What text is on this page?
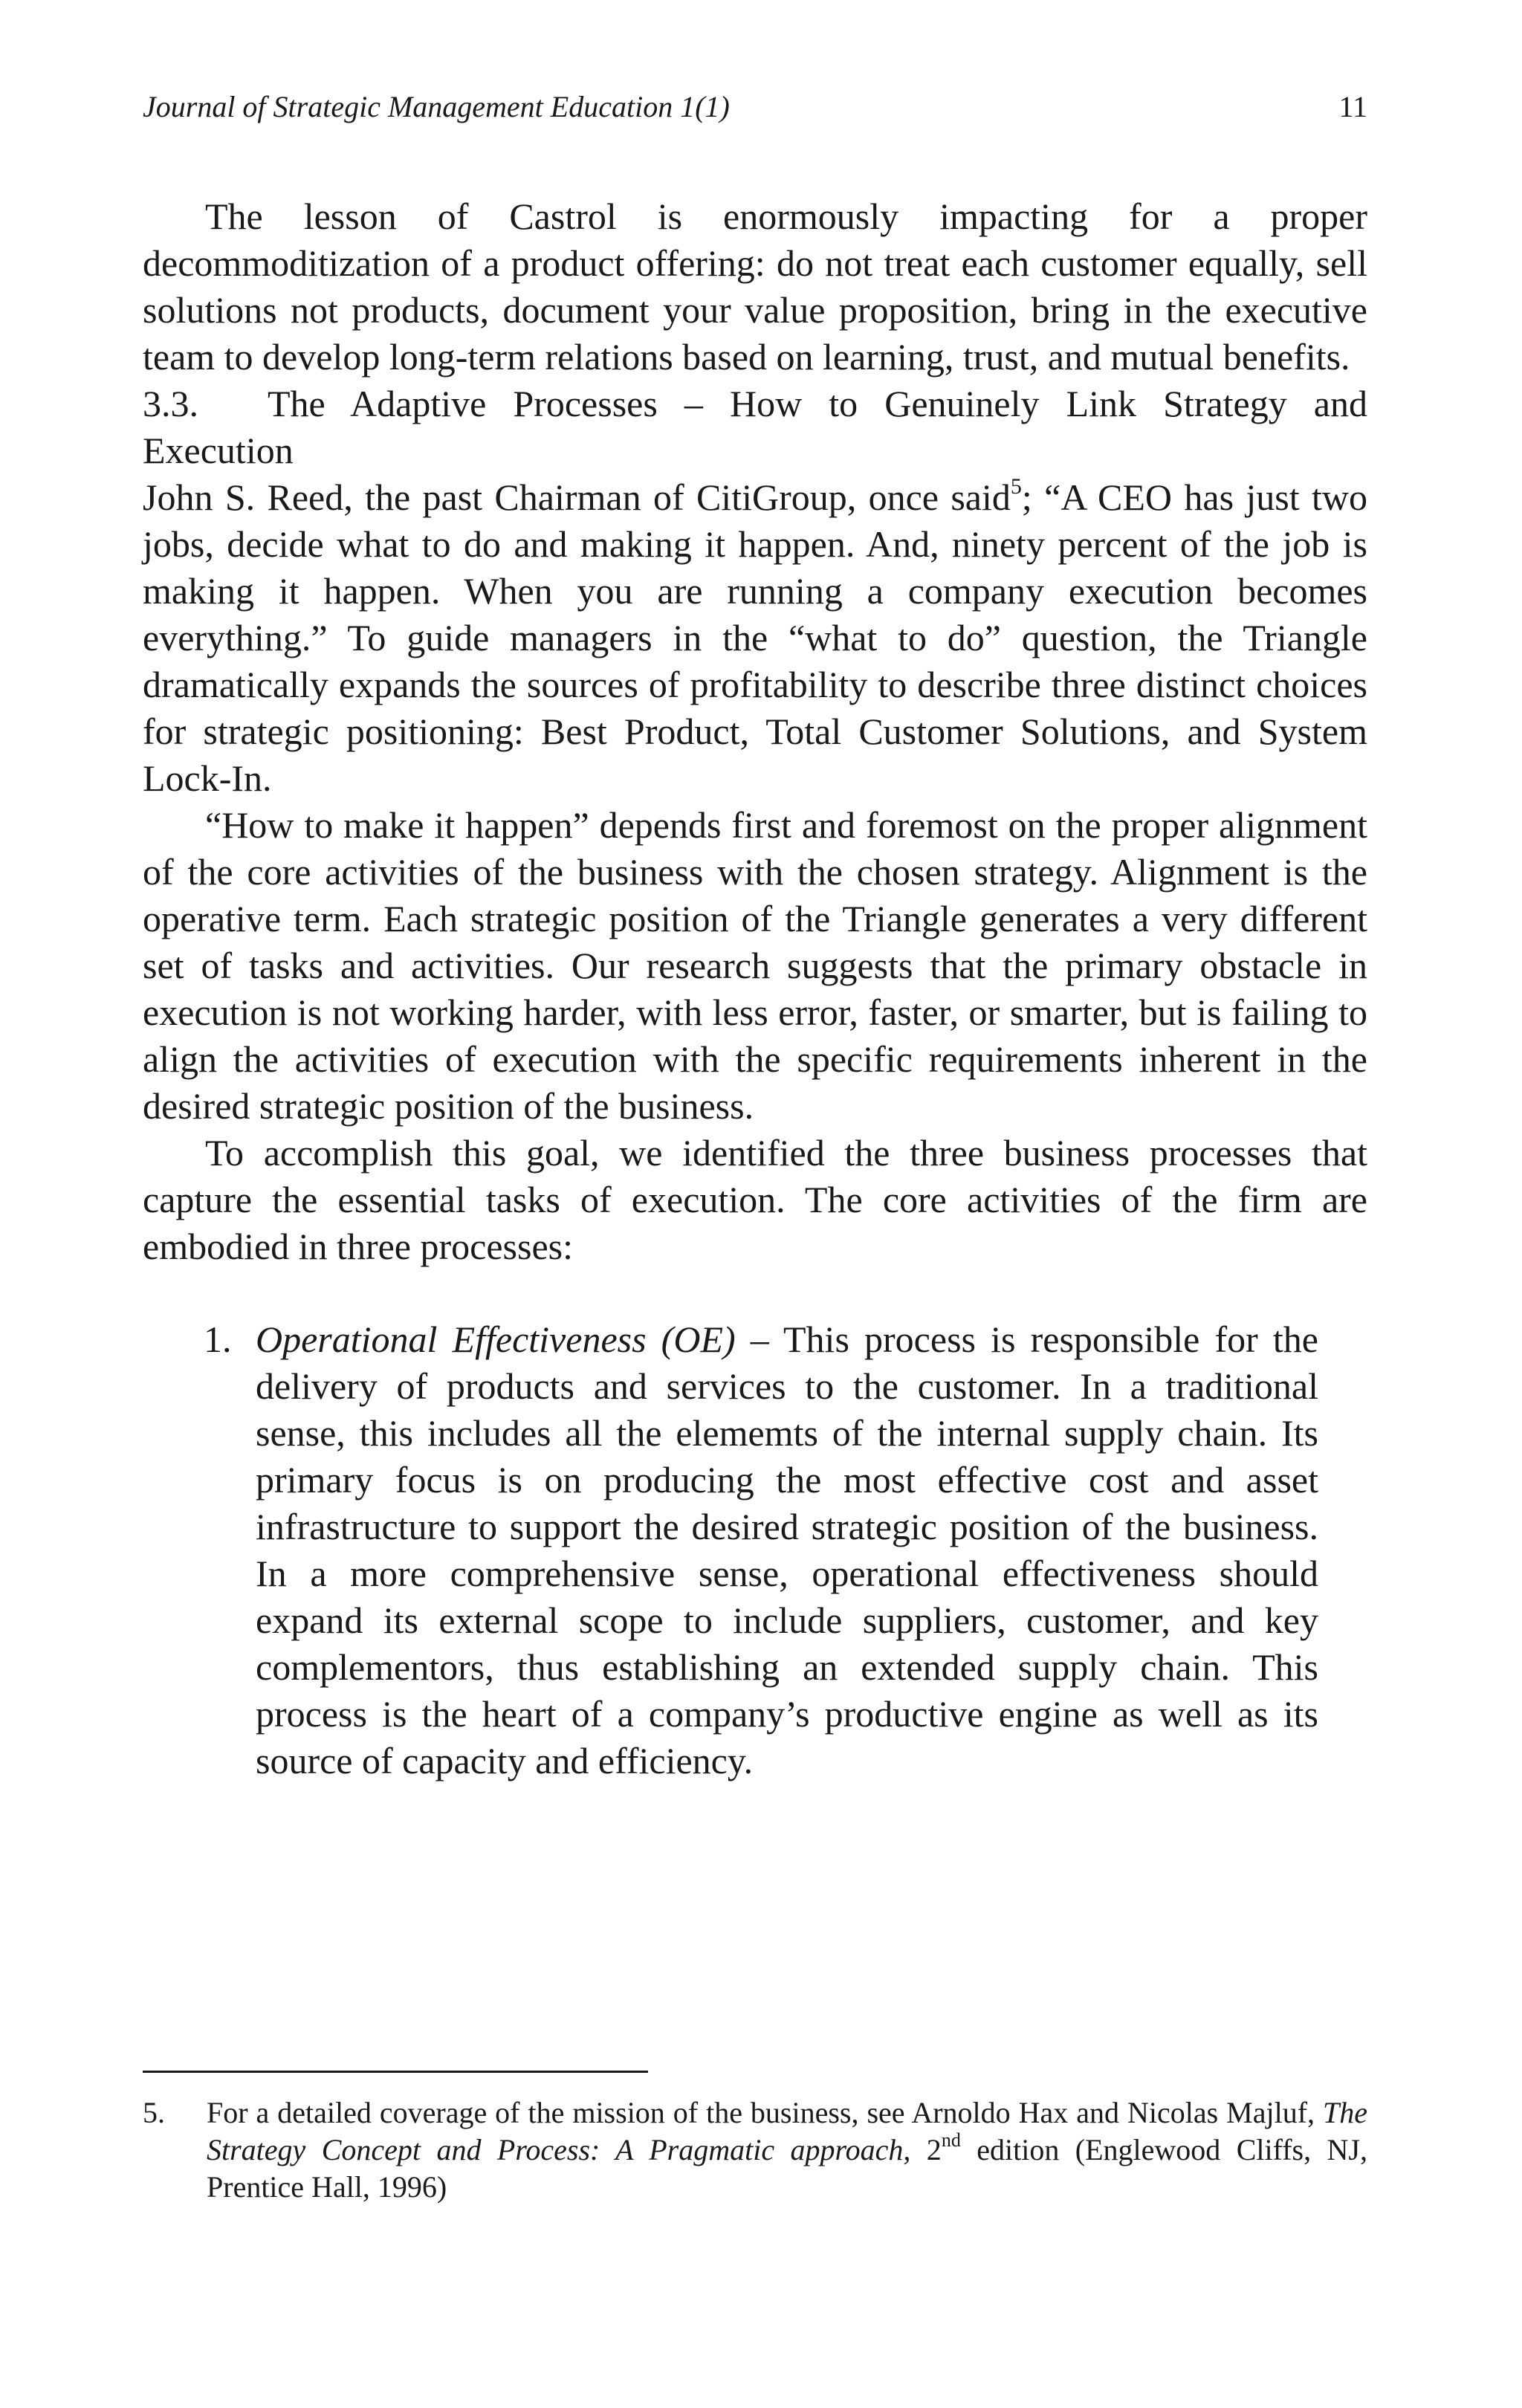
Journal of Strategic Management Education 1(1)	11

The lesson of Castrol is enormously impacting for a proper decommoditization of a product offering: do not treat each customer equally, sell solutions not products, document your value proposition, bring in the executive team to develop long-term relations based on learning, trust, and mutual benefits.

3.3. The Adaptive Processes – How to Genuinely Link Strategy and Execution

John S. Reed, the past Chairman of CitiGroup, once said$^5$; “A CEO has just two jobs, decide what to do and making it happen. And, ninety percent of the job is making it happen. When you are running a company execution becomes everything.” To guide managers in the “what to do” question, the Triangle dramatically expands the sources of profitability to describe three distinct choices for strategic positioning: Best Product, Total Customer Solutions, and System Lock-In.

“How to make it happen” depends first and foremost on the proper alignment of the core activities of the business with the chosen strategy. Alignment is the operative term. Each strategic position of the Triangle generates a very different set of tasks and activities. Our research suggests that the primary obstacle in execution is not working harder, with less error, faster, or smarter, but is failing to align the activities of execution with the specific requirements inherent in the desired strategic position of the business.

To accomplish this goal, we identified the three business processes that capture the essential tasks of execution. The core activities of the firm are embodied in three processes:

1. Operational Effectiveness (OE) – This process is responsible for the delivery of products and services to the customer. In a traditional sense, this includes all the elememts of the internal supply chain. Its primary focus is on producing the most effective cost and asset infrastructure to support the desired strategic position of the business. In a more comprehensive sense, operational effectiveness should expand its external scope to include suppliers, customer, and key complementors, thus establishing an extended supply chain. This process is the heart of a company’s productive engine as well as its source of capacity and efficiency.
5. For a detailed coverage of the mission of the business, see Arnoldo Hax and Nicolas Majluf, The Strategy Concept and Process: A Pragmatic approach, 2nd edition (Englewood Cliffs, NJ, Prentice Hall, 1996)
